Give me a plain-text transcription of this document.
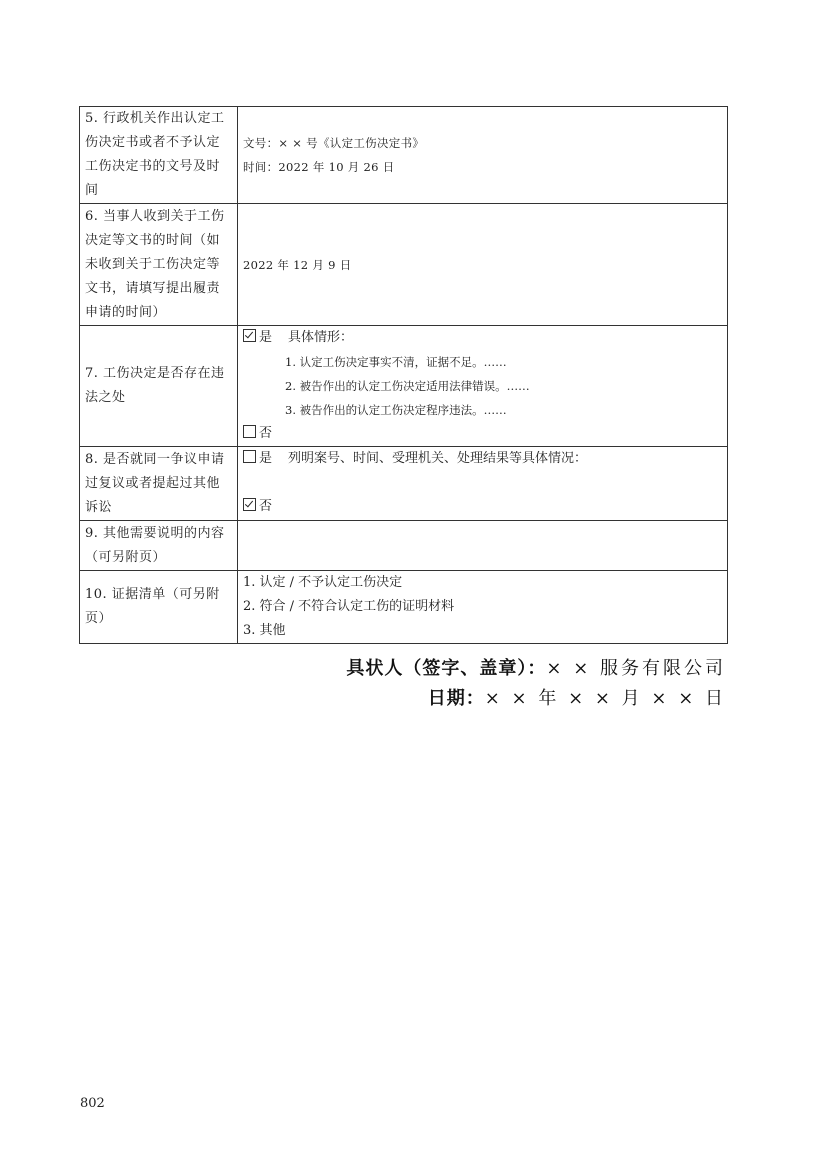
5. 行政机关作出认定工伤决定书或者不予认定工伤决定书的文号及时间	文号：× × 号《认定工伤决定书》
时间：2022 年 10 月 26 日

6. 当事人收到关于工伤决定等文书的时间（如未收到关于工伤决定等文书，请填写提出履责申请的时间）	2022 年 12 月 9 日
7. 工伤决定是否存在违法之处	是 具体情形：
1. 认定工伤决定事实不清，证据不足。……
2. 被告作出的认定工伤决定适用法律错误。……
3. 被告作出的认定工伤决定程序违法。……
否

8. 是否就同一争议申请过复议或者提起过其他诉讼	是 列明案号、时间、受理机关、处理结果等具体情况：
否

9. 其他需要说明的内容（可另附页）	
10. 证据清单（可另附页）	1. 认定 / 不予认定工伤决定
2. 符合 / 不符合认定工伤的证明材料
3. 其他
具状人（签字、盖章）：× × 服务有限公司
日期：× × 年 × × 月 × × 日
802
